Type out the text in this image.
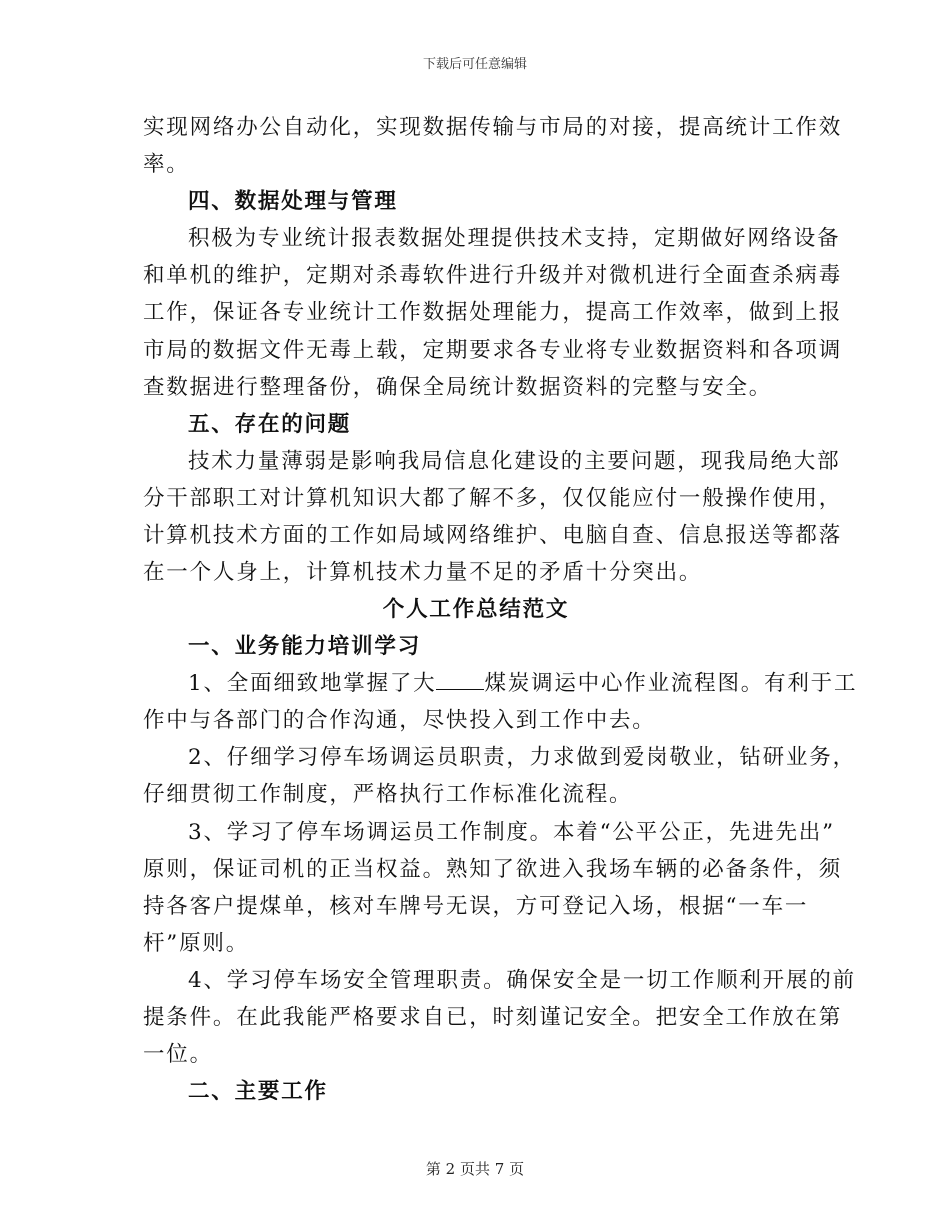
下载后可任意编辑
实现网络办公自动化，实现数据传输与市局的对接，提高统计工作效
率。
四、数据处理与管理
积极为专业统计报表数据处理提供技术支持，定期做好网络设备
和单机的维护，定期对杀毒软件进行升级并对微机进行全面查杀病毒
工作，保证各专业统计工作数据处理能力，提高工作效率，做到上报
市局的数据文件无毒上载，定期要求各专业将专业数据资料和各项调
查数据进行整理备份，确保全局统计数据资料的完整与安全。
五、存在的问题
技术力量薄弱是影响我局信息化建设的主要问题，现我局绝大部
分干部职工对计算机知识大都了解不多，仅仅能应付一般操作使用，
计算机技术方面的工作如局域网络维护、电脑自查、信息报送等都落
在一个人身上，计算机技术力量不足的矛盾十分突出。
个人工作总结范文
一、业务能力培训学习
1、全面细致地掌握了大 煤炭调运中心作业流程图。有利于工
作中与各部门的合作沟通，尽快投入到工作中去。
2、仔细学习停车场调运员职责，力求做到爱岗敬业，钻研业务，
仔细贯彻工作制度，严格执行工作标准化流程。
3、学习了停车场调运员工作制度。本着“公平公正，先进先出”
原则，保证司机的正当权益。熟知了欲进入我场车辆的必备条件，须
持各客户提煤单，核对车牌号无误，方可登记入场，根据“一车一
杆”原则。
4、学习停车场安全管理职责。确保安全是一切工作顺利开展的前
提条件。在此我能严格要求自已，时刻谨记安全。把安全工作放在第
一位。
二、主要工作
第 2 页共 7 页
